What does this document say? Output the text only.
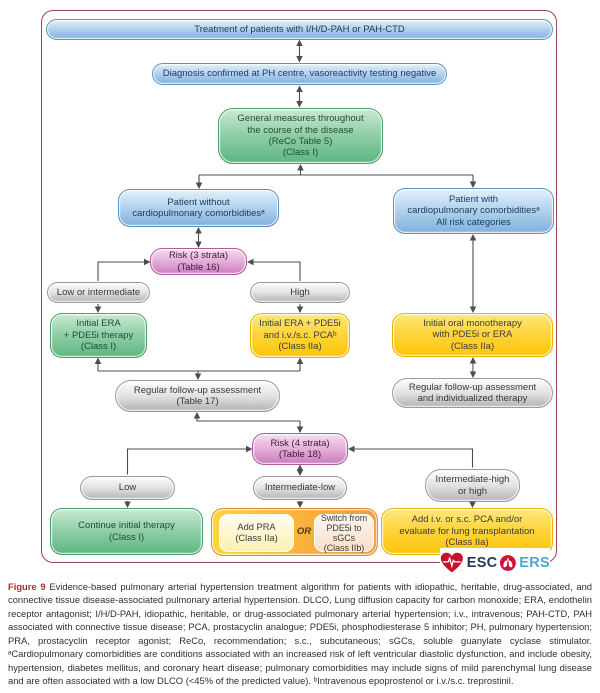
Treatment of patients with I/H/D-PAH or PAH-CTD
Diagnosis confirmed at PH centre, vasoreactivity testing negative
General measures throughout
the course of the disease
(ReCo Table 5)
(Class I)
Patient without
cardiopulmonary comorbiditiesᵃ
Patient with
cardiopulmonary comorbiditiesᵃ
All risk categories
Risk (3 strata)
(Table 16)
Low or intermediate	High
Initial ERA
+ PDE5i therapy
(Class I)
Initial ERA + PDE5i
and i.v./s.c. PCAᵇ
(Class IIa)
Initial oral monotherapy
with PDE5i or ERA
(Class IIa)
Regular follow-up assessment
(Table 17)
Regular follow-up assessment
and individualized therapy
Risk (4 strata)
(Table 18)
Low	Intermediate-low
Intermediate-high
or high
Continue initial therapy
(Class I)
Add PRA
(Class IIa)
OR
Switch from
PDE5i to sGCs
(Class IIb)
Add i.v. or s.c. PCA and/or
evaluate for lung transplantation
(Class IIa)
ESC ERS

Figure 9 Evidence-based pulmonary arterial hypertension treatment algorithm for patients with idiopathic, heritable, drug-associated, and connective tissue disease-associated pulmonary arterial hypertension. DLCO, Lung diffusion capacity for carbon monoxide; ERA, endothelin receptor antagonist; I/H/D-PAH, idiopathic, heritable, or drug-associated pulmonary arterial hypertension; i.v., intravenous; PAH-CTD, PAH associated with connective tissue disease; PCA, prostacyclin analogue; PDE5i, phosphodiesterase 5 inhibitor; PH, pulmonary hypertension; PRA, prostacyclin receptor agonist; ReCo, recommendation; s.c., subcutaneous; sGCs, soluble guanylate cyclase stimulator. ᵃCardiopulmonary comorbidities are conditions associated with an increased risk of left ventricular diastolic dysfunction, and include obesity, hypertension, diabetes mellitus, and coronary heart disease; pulmonary comorbidities may include signs of mild parenchymal lung disease and are often associated with a low DLCO (<45% of the predicted value). ᵇIntravenous epoprostenol or i.v./s.c. treprostinil.
